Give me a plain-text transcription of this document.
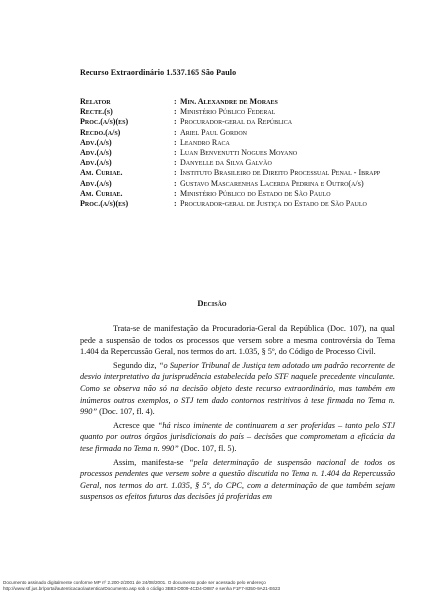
Recurso Extraordinário 1.537.165 São Paulo
Relator	: Min. Alexandre de Moraes
Recte.(s)	: Ministério Público Federal
Proc.(a/s)(es)	: Procurador-geral da República
Recdo.(a/s)	: Ariel Paul Gordon
Adv.(a/s)	: Leandro Raca
Adv.(a/s)	: Luan Benvenutti Nogues Moyano
Adv.(a/s)	: Danyelle da Silva Galvão
Am. Curiae.	: Instituto Brasileiro de Direito Processual Penal - Ibrapp
Adv.(a/s)	: Gustavo Mascarenhas Lacerda Pedrina e Outro(a/s)
Am. Curiae.	: Ministério Público do Estado de São Paulo
Proc.(a/s)(es)	: Procurador-geral de Justiça do Estado de São Paulo
Decisão

Trata-se de manifestação da Procuradoria-Geral da República (Doc. 107), na qual pede a suspensão de todos os processos que versem sobre a mesma controvérsia do Tema 1.404 da Repercussão Geral, nos termos do art. 1.035, § 5º, do Código de Processo Civil.

Segundo diz, “o Superior Tribunal de Justiça tem adotado um padrão recorrente de desvio interpretativo da jurisprudência estabelecida pelo STF naquele precedente vinculante. Como se observa não só na decisão objeto deste recurso extraordinário, mas também em inúmeros outros exemplos, o STJ tem dado contornos restritivos à tese firmada no Tema n. 990” (Doc. 107, fl. 4).

Acresce que “há risco iminente de continuarem a ser proferidas – tanto pelo STJ quanto por outros órgãos jurisdicionais do país – decisões que comprometam a eficácia da tese firmada no Tema n. 990” (Doc. 107, fl. 5).

Assim, manifesta-se “pela determinação de suspensão nacional de todos os processos pendentes que versem sobre a questão discutida no Tema n. 1.404 da Repercussão Geral, nos termos do art. 1.035, § 5º, do CPC, com a determinação de que também sejam suspensos os efeitos futuros das decisões já proferidas em

Documento assinado digitalmente conforme MP nº 2.200-2/2001 de 24/08/2001. O documento pode ser acessado pelo endereço
http://www.stf.jus.br/portal/autenticacao/autenticarDocumento.asp sob o código 3B83-D009-4CD4-D887 e senha F1F7-8350-9A21-E623
